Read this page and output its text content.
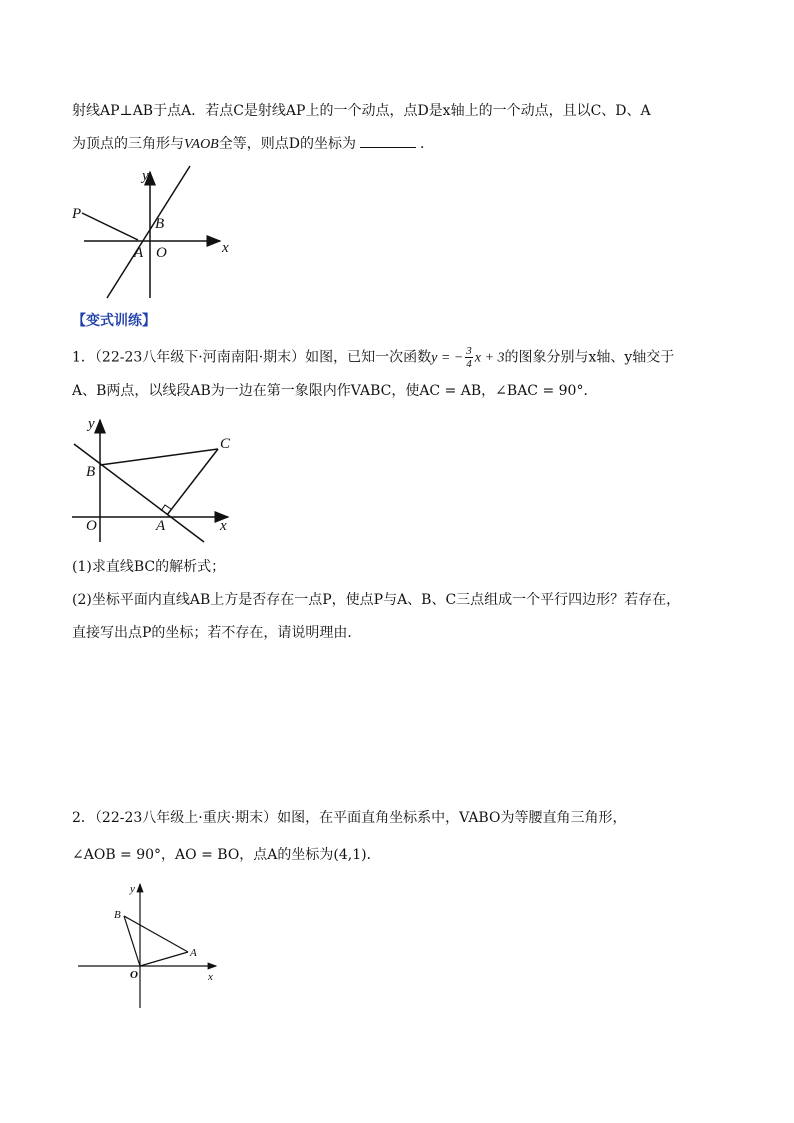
射线AP⊥AB于点A．若点C是射线AP上的一个动点，点D是x轴上的一个动点，且以C、D、A
为顶点的三角形与VAOB全等，则点D的坐标为	．
y
x
P
B
A O
【变式训练】
1．（22-23八年级下·河南南阳·期末）如图，已知一次函数y = − $\frac{3}{4}$ x + 3的图象分别与x轴、y轴交于
A、B两点，以线段AB为一边在第一象限内作VABC，使AC = AB，∠BAC = 90°．
y
x
B
C
O	A
(1)求直线BC的解析式；
(2)坐标平面内直线AB上方是否存在一点P，使点P与A、B、C三点组成一个平行四边形？若存在，
直接写出点P的坐标；若不存在，请说明理由．
2．（22-23八年级上·重庆·期末）如图，在平面直角坐标系中，VABO为等腰直角三角形，
∠AOB = 90°，AO = BO，点A的坐标为(4,1)．
y
x
B
A
O
